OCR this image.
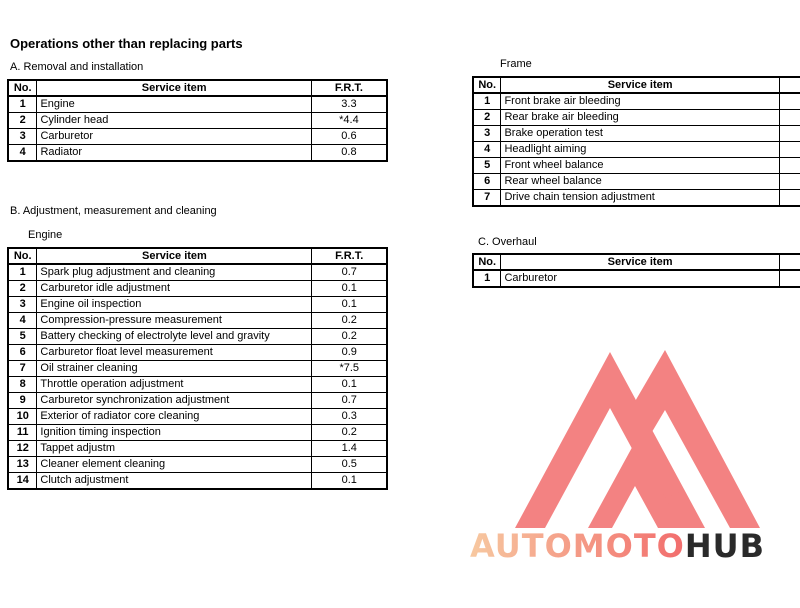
Operations other than replacing parts
A. Removal and installation
No.	Service item	F.R.T.
1	Engine	3.3
2	Cylinder head	*4.4
3	Carburetor	0.6
4	Radiator	0.8
B. Adjustment, measurement and cleaning
Engine
No.	Service item	F.R.T.
1	Spark plug adjustment and cleaning	0.7
2	Carburetor idle adjustment	0.1
3	Engine oil inspection	0.1
4	Compression-pressure measurement	0.2
5	Battery checking of electrolyte level and gravity	0.2
6	Carburetor float level measurement	0.9
7	Oil strainer cleaning	*7.5
8	Throttle operation adjustment	0.1
9	Carburetor synchronization adjustment	0.7
10	Exterior of radiator core cleaning	0.3
11	Ignition timing inspection	0.2
12	Tappet adjustm	1.4
13	Cleaner element cleaning	0.5
14	Clutch adjustment	0.1
Frame
No.	Service item	
1	Front brake air bleeding	
2	Rear brake air bleeding	
3	Brake operation test	
4	Headlight aiming	
5	Front wheel balance	
6	Rear wheel balance	
7	Drive chain tension adjustment	
C. Overhaul
No.	Service item	
1	Carburetor	
AUTOMOTOHUB
